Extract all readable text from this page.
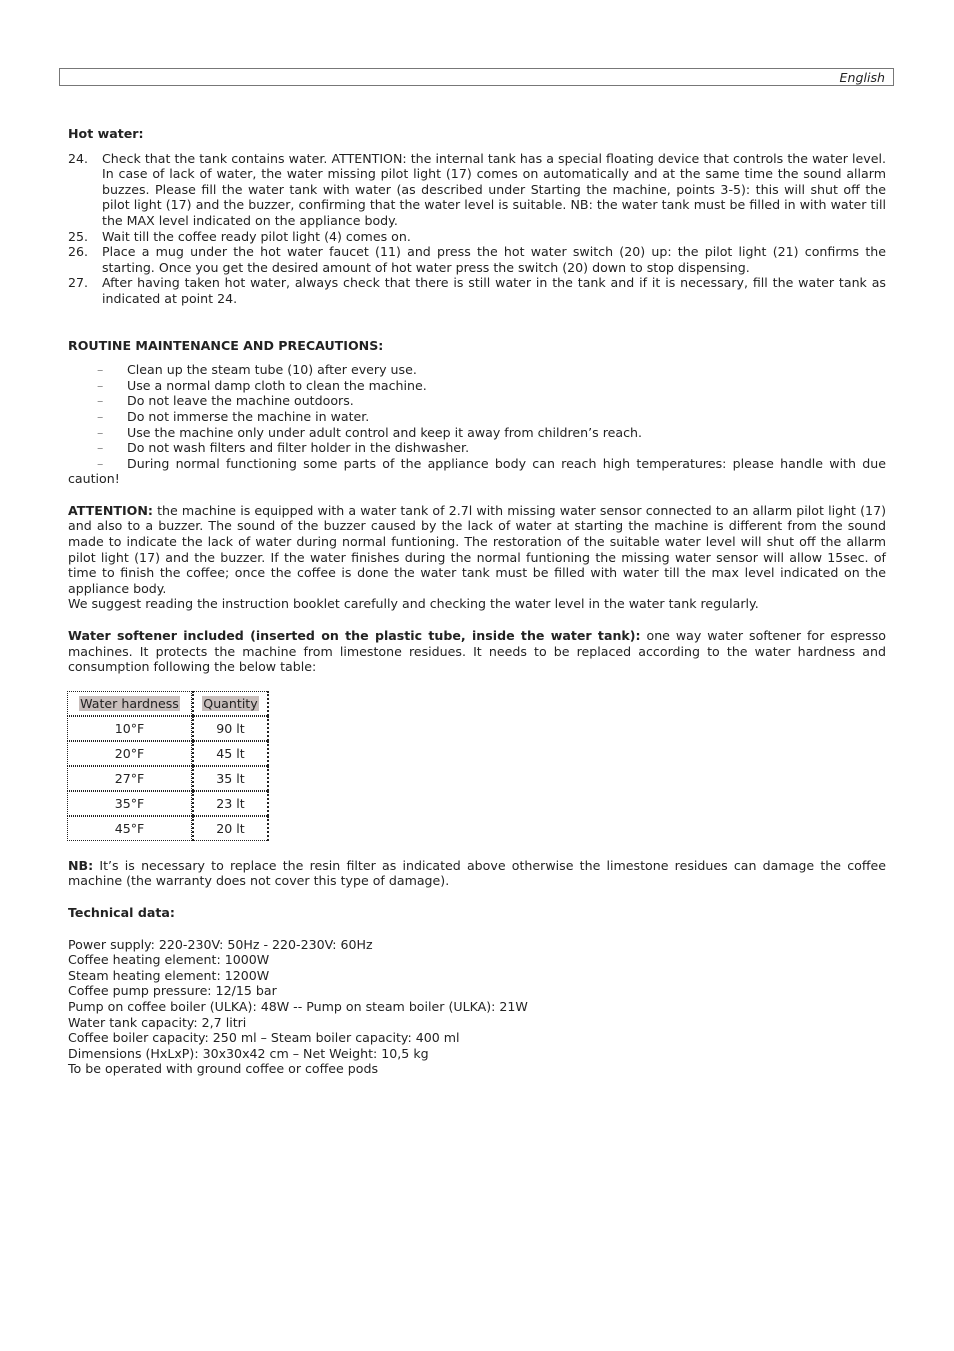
English

Hot water:

24. Check that the tank contains water. ATTENTION: the internal tank has a special floating device that controls the water level. In case of lack of water, the water missing pilot light (17) comes on automatically and at the same time the sound allarm buzzes. Please fill the water tank with water (as described under Starting the machine, points 3-5): this will shut off the pilot light (17) and the buzzer, confirming that the water level is suitable. NB: the water tank must be filled in with water till the MAX level indicated on the appliance body.
25. Wait till the coffee ready pilot light (4) comes on.
26. Place a mug under the hot water faucet (11) and press the hot water switch (20) up: the pilot light (21) confirms the starting. Once you get the desired amount of hot water press the switch (20) down to stop dispensing.
27. After having taken hot water, always check that there is still water in the tank and if it is necessary, fill the water tank as indicated at point 24.

ROUTINE MAINTENANCE AND PRECAUTIONS:

– Clean up the steam tube (10) after every use.
– Use a normal damp cloth to clean the machine.
– Do not leave the machine outdoors.
– Do not immerse the machine in water.
– Use the machine only under adult control and keep it away from children’s reach.
– Do not wash filters and filter holder in the dishwasher.
– During normal functioning some parts of the appliance body can reach high temperatures: please handle with due caution!

ATTENTION: the machine is equipped with a water tank of 2.7l with missing water sensor connected to an allarm pilot light (17) and also to a buzzer. The sound of the buzzer caused by the lack of water at starting the machine is different from the sound made to indicate the lack of water during normal funtioning. The restoration of the suitable water level will shut off the allarm pilot light (17) and the buzzer. If the water finishes during the normal funtioning the missing water sensor will allow 15sec. of time to finish the coffee; once the coffee is done the water tank must be filled with water till the max level indicated on the appliance body.

We suggest reading the instruction booklet carefully and checking the water level in the water tank regularly.

Water softener included (inserted on the plastic tube, inside the water tank): one way water softener for espresso machines. It protects the machine from limestone residues. It needs to be replaced according to the water hardness and consumption following the below table:

Water hardness	Quantity
10°F	90 lt
20°F	45 lt
27°F	35 lt
35°F	23 lt
45°F	20 lt

NB: It’s is necessary to replace the resin filter as indicated above otherwise the limestone residues can damage the coffee machine (the warranty does not cover this type of damage).

Technical data:

Power supply: 220-230V: 50Hz - 220-230V: 60Hz
Coffee heating element: 1000W
Steam heating element: 1200W
Coffee pump pressure: 12/15 bar
Pump on coffee boiler (ULKA): 48W -- Pump on steam boiler (ULKA): 21W
Water tank capacity: 2,7 litri
Coffee boiler capacity: 250 ml – Steam boiler capacity: 400 ml
Dimensions (HxLxP): 30x30x42 cm – Net Weight: 10,5 kg
To be operated with ground coffee or coffee pods
